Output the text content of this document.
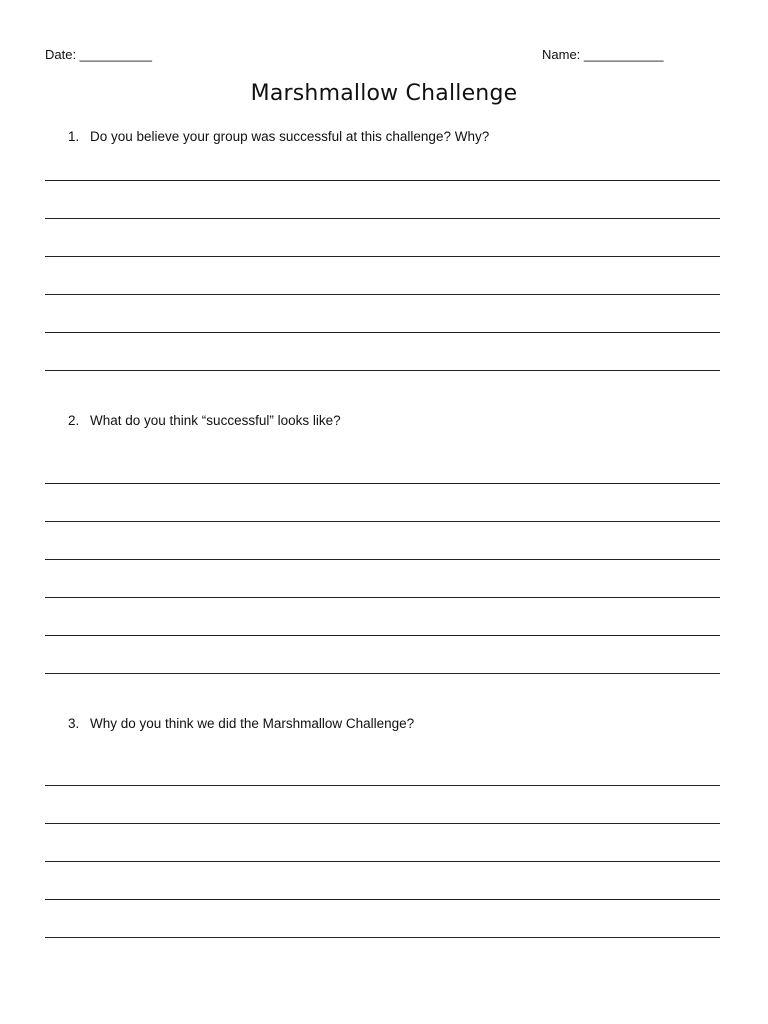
Date: __________	Name: ___________
Marshmallow Challenge
1. Do you believe your group was successful at this challenge? Why?
2. What do you think “successful” looks like?
3. Why do you think we did the Marshmallow Challenge?
